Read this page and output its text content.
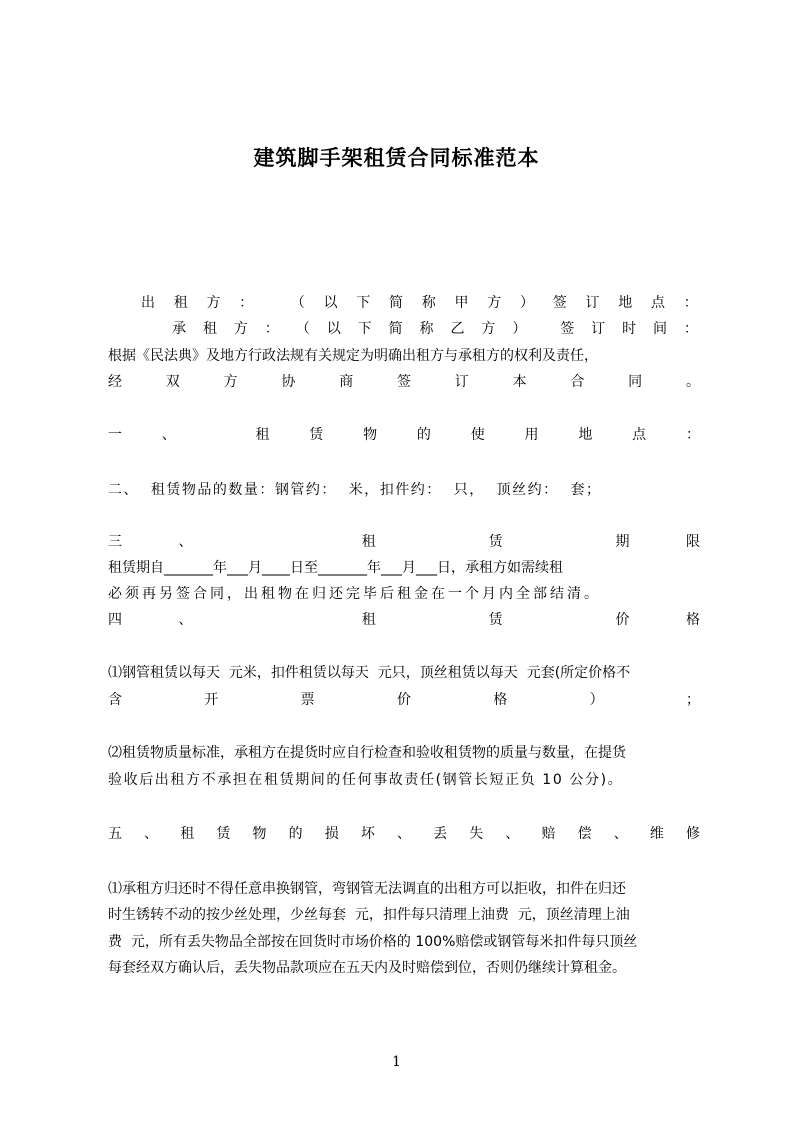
建筑脚手架租赁合同标准范本
出 租 方 ：	（ 以 下 简 称 甲 方 ） 签 订 地 点 ：
承 租 方 ： （ 以 下 简 称 乙 方 ） 签 订 时 间 ：
根据《民法典》及地方行政法规有关规定为明确出租方与承租方的权利及责任，
经	双	方	协	商	签	订	本	合	同	。
一	、	租	赁	物	的	使	用	地	点	：
二、  租赁物品的数量：钢管约：  米，扣件约：  只，  顶丝约：  套；
三	、	租	赁	期	限
租赁期自_______年___月____日至_______年___月___日，承租方如需续租
必须再另签合同，出租物在归还完毕后租金在一个月内全部结清。
四	、	租	赁	价	格
⑴钢管租赁以每天  元米，扣件租赁以每天  元只，顶丝租赁以每天  元套(所定价格不
含	开	票	价	格	）	；
⑵租赁物质量标准，承租方在提货时应自行检查和验收租赁物的质量与数量，在提货
验收后出租方不承担在租赁期间的任何事故责任(钢管长短正负 10 公分)。
五 、 租 赁 物 的 损 坏 、 丢 失 、 赔 偿 、 维 修
⑴承租方归还时不得任意串换钢管，弯钢管无法调直的出租方可以拒收，扣件在归还
时生锈转不动的按少丝处理，少丝每套  元，扣件每只清理上油费  元，顶丝清理上油
费  元，所有丢失物品全部按在回货时市场价格的 100%赔偿或钢管每米扣件每只顶丝
每套经双方确认后，丢失物品款项应在五天内及时赔偿到位，否则仍继续计算租金。
1
